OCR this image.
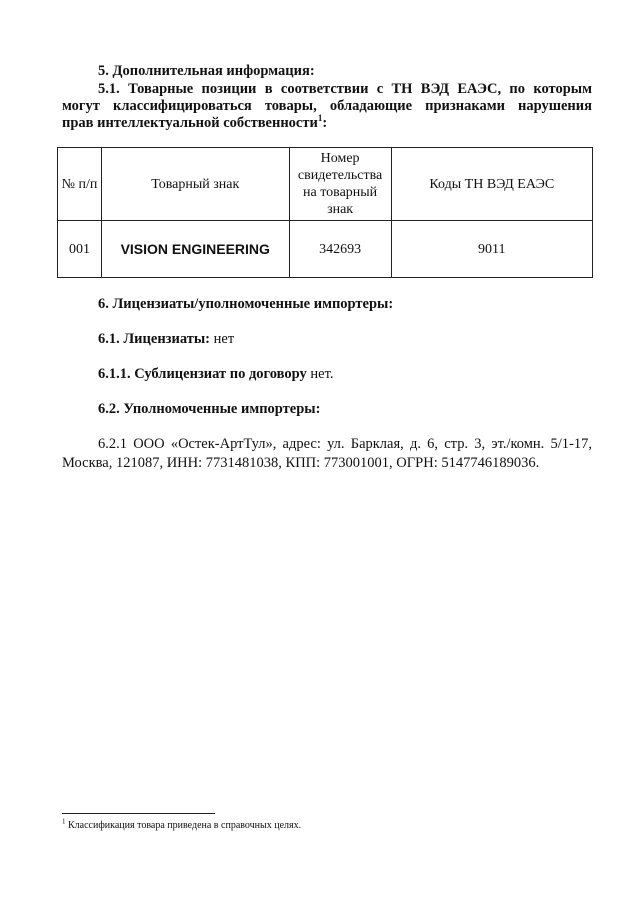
5. Дополнительная информация:
5.1. Товарные позиции в соответствии с ТН ВЭД ЕАЭС, по которым
могут классифицироваться товары, обладающие признаками нарушения
прав интеллектуальной собственности$^1$:
№ п/п	Товарный знак	Номер свидетельства на товарный знак	Коды ТН ВЭД ЕАЭС
001	VISION ENGINEERING	342693	9011
6. Лицензиаты/уполномоченные импортеры:
6.1. Лицензиаты: нет
6.1.1. Сублицензиат по договору нет.
6.2. Уполномоченные импортеры:
6.2.1 ООО «Остек-АртТул», адрес: ул. Барклая, д. 6, стр. 3, эт./комн. 5/1-17,
Москва, 121087, ИНН: 7731481038, КПП: 773001001, ОГРН: 5147746189036.
$^1$ Классификация товара приведена в справочных целях.
